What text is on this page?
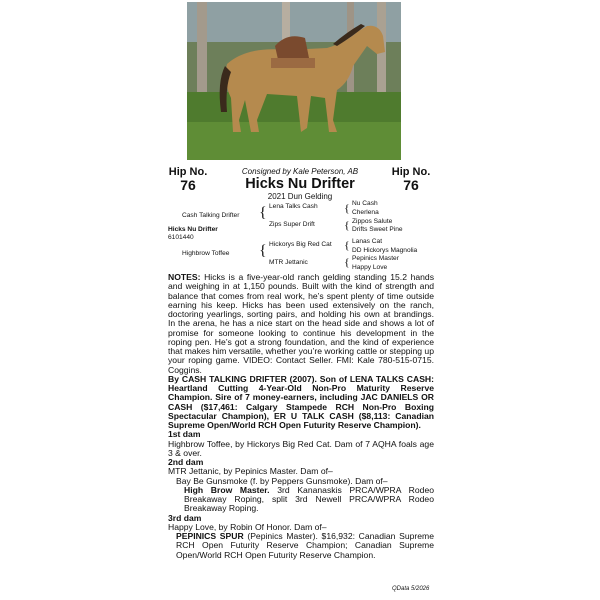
Hip No.
76
Hip No.
76
Consigned by Kale Peterson, AB
Hicks Nu Drifter
2021 Dun Gelding
Cash Talking Drifter
Hicks Nu Drifter
6101440
Highbrow Toffee
{
{
Lena Talks Cash
Zips Super Drift
Hickorys Big Red Cat
MTR Jettanic
{
{
{
{
Nu Cash
Cherlena
Zippos Salute
Drifts Sweet Pine
Lanas Cat
DD Hickorys Magnolia
Pepinics Master
Happy Love

NOTES: Hicks is a five-year-old ranch gelding standing 15.2 hands and weighing in at 1,150 pounds. Built with the kind of strength and balance that comes from real work, he’s spent plenty of time outside earning his keep. Hicks has been used extensively on the ranch, doctoring yearlings, sorting pairs, and holding his own at brandings. In the arena, he has a nice start on the head side and shows a lot of promise for someone looking to continue his development in the roping pen. He’s got a strong foundation, and the kind of experience that makes him versatile, whether you’re working cattle or stepping up your roping game. VIDEO: Contact Seller. FMI: Kale 780-515-0715. Coggins.

By CASH TALKING DRIFTER (2007). Son of LENA TALKS CASH: Heartland Cutting 4-Year-Old Non-Pro Maturity Reserve Champion. Sire of 7 money-earners, including JAC DANIELS OR CASH ($17,461: Calgary Stampede RCH Non-Pro Boxing Spectacular Champion), ER U TALK CASH ($8,113: Canadian Supreme Open/World RCH Open Futurity Reserve Champion).

1st dam

Highbrow Toffee, by Hickorys Big Red Cat. Dam of 7 AQHA foals age 3 & over.

2nd dam

MTR Jettanic, by Pepinics Master. Dam of–

Bay Be Gunsmoke (f. by Peppers Gunsmoke). Dam of–

High Brow Master. 3rd Kananaskis PRCA/WPRA Rodeo Breakaway Roping, split 3rd Newell PRCA/WPRA Rodeo Breakaway Roping.

3rd dam

Happy Love, by Robin Of Honor. Dam of–

PEPINICS SPUR (Pepinics Master). $16,932: Canadian Supreme RCH Open Futurity Reserve Champion; Canadian Supreme Open/World RCH Open Futurity Reserve Champion.

QData 5/2026
